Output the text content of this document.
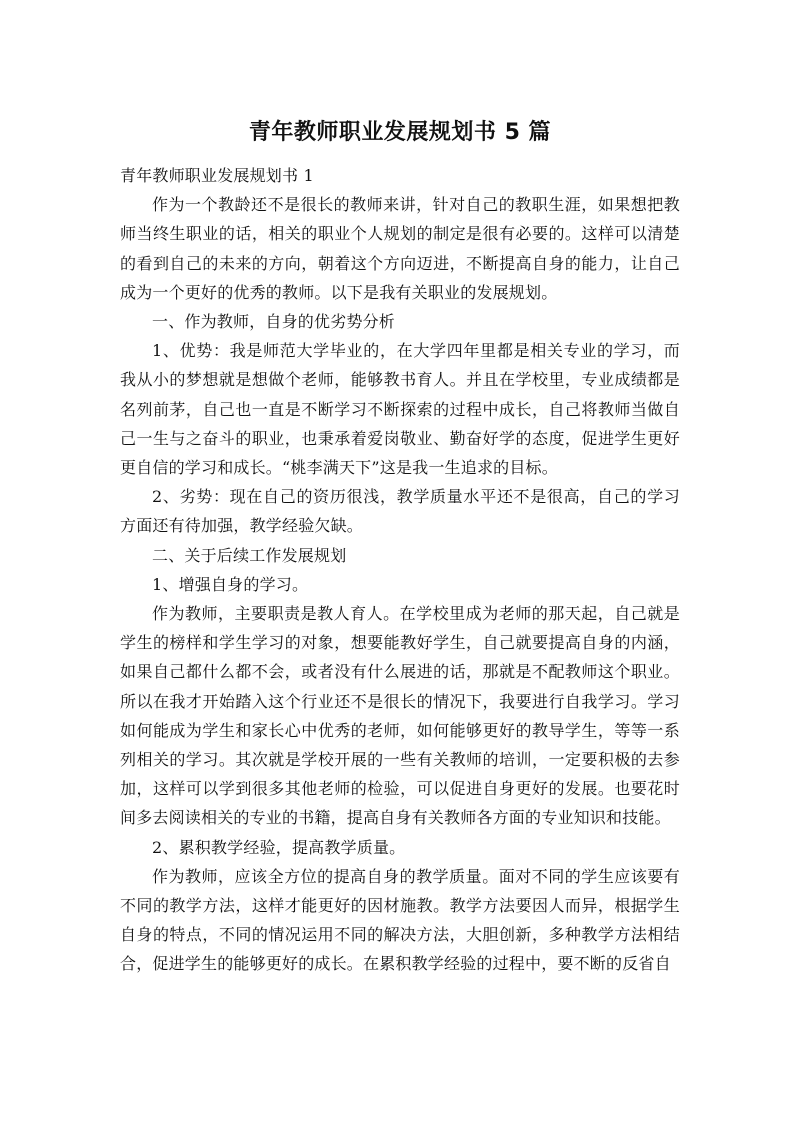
青年教师职业发展规划书 5 篇

青年教师职业发展规划书 1

作为一个教龄还不是很长的教师来讲，针对自己的教职生涯，如果想把教师当终生职业的话，相关的职业个人规划的制定是很有必要的。这样可以清楚的看到自己的未来的方向，朝着这个方向迈进，不断提高自身的能力，让自己成为一个更好的优秀的教师。以下是我有关职业的发展规划。

一、作为教师，自身的优劣势分析

1、优势：我是师范大学毕业的，在大学四年里都是相关专业的学习，而我从小的梦想就是想做个老师，能够教书育人。并且在学校里，专业成绩都是名列前茅，自己也一直是不断学习不断探索的过程中成长，自己将教师当做自己一生与之奋斗的职业，也秉承着爱岗敬业、勤奋好学的态度，促进学生更好更自信的学习和成长。“桃李满天下”这是我一生追求的目标。

2、劣势：现在自己的资历很浅，教学质量水平还不是很高，自己的学习方面还有待加强，教学经验欠缺。

二、关于后续工作发展规划

1、增强自身的学习。

作为教师，主要职责是教人育人。在学校里成为老师的那天起，自己就是学生的榜样和学生学习的对象，想要能教好学生，自己就要提高自身的内涵，如果自己都什么都不会，或者没有什么展进的话，那就是不配教师这个职业。所以在我才开始踏入这个行业还不是很长的情况下，我要进行自我学习。学习如何能成为学生和家长心中优秀的老师，如何能够更好的教导学生，等等一系列相关的学习。其次就是学校开展的一些有关教师的培训，一定要积极的去参加，这样可以学到很多其他老师的检验，可以促进自身更好的发展。也要花时间多去阅读相关的专业的书籍，提高自身有关教师各方面的专业知识和技能。

2、累积教学经验，提高教学质量。

作为教师，应该全方位的提高自身的教学质量。面对不同的学生应该要有不同的教学方法，这样才能更好的因材施教。教学方法要因人而异，根据学生自身的特点，不同的情况运用不同的解决方法，大胆创新，多种教学方法相结合，促进学生的能够更好的成长。在累积教学经验的过程中，要不断的反省自
